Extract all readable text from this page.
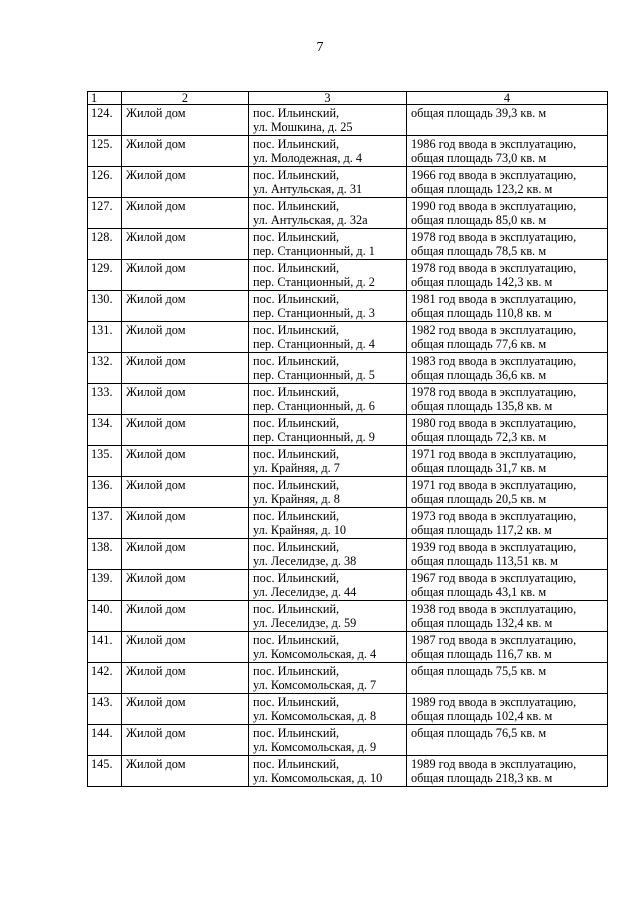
7
1	2	3	4

124.	Жилой дом	пос. Ильинский,
ул. Мошкина, д. 25	общая площадь 39,3 кв. м

125.	Жилой дом	пос. Ильинский,
ул. Молодежная, д. 4	1986 год ввода в эксплуатацию,
общая площадь 73,0 кв. м

126.	Жилой дом	пос. Ильинский,
ул. Антульская, д. 31	1966 год ввода в эксплуатацию,
общая площадь 123,2 кв. м

127.	Жилой дом	пос. Ильинский,
ул. Антульская, д. 32а	1990 год ввода в эксплуатацию,
общая площадь 85,0 кв. м

128.	Жилой дом	пос. Ильинский,
пер. Станционный, д. 1	1978 год ввода в эксплуатацию,
общая площадь 78,5 кв. м

129.	Жилой дом	пос. Ильинский,
пер. Станционный, д. 2	1978 год ввода в эксплуатацию,
общая площадь 142,3 кв. м

130.	Жилой дом	пос. Ильинский,
пер. Станционный, д. 3	1981 год ввода в эксплуатацию,
общая площадь 110,8 кв. м

131.	Жилой дом	пос. Ильинский,
пер. Станционный, д. 4	1982 год ввода в эксплуатацию,
общая площадь 77,6 кв. м

132.	Жилой дом	пос. Ильинский,
пер. Станционный, д. 5	1983 год ввода в эксплуатацию,
общая площадь 36,6 кв. м

133.	Жилой дом	пос. Ильинский,
пер. Станционный, д. 6	1978 год ввода в эксплуатацию,
общая площадь 135,8 кв. м

134.	Жилой дом	пос. Ильинский,
пер. Станционный, д. 9	1980 год ввода в эксплуатацию,
общая площадь 72,3 кв. м

135.	Жилой дом	пос. Ильинский,
ул. Крайняя, д. 7	1971 год ввода в эксплуатацию,
общая площадь 31,7 кв. м

136.	Жилой дом	пос. Ильинский,
ул. Крайняя, д. 8	1971 год ввода в эксплуатацию,
общая площадь 20,5 кв. м

137.	Жилой дом	пос. Ильинский,
ул. Крайняя, д. 10	1973 год ввода в эксплуатацию,
общая площадь 117,2 кв. м

138.	Жилой дом	пос. Ильинский,
ул. Леселидзе, д. 38	1939 год ввода в эксплуатацию,
общая площадь 113,51 кв. м

139.	Жилой дом	пос. Ильинский,
ул. Леселидзе, д. 44	1967 год ввода в эксплуатацию,
общая площадь 43,1 кв. м

140.	Жилой дом	пос. Ильинский,
ул. Леселидзе, д. 59	1938 год ввода в эксплуатацию,
общая площадь 132,4 кв. м

141.	Жилой дом	пос. Ильинский,
ул. Комсомольская, д. 4	1987 год ввода в эксплуатацию,
общая площадь 116,7 кв. м

142.	Жилой дом	пос. Ильинский,
ул. Комсомольская, д. 7	общая площадь 75,5 кв. м

143.	Жилой дом	пос. Ильинский,
ул. Комсомольская, д. 8	1989 год ввода в эксплуатацию,
общая площадь 102,4 кв. м

144.	Жилой дом	пос. Ильинский,
ул. Комсомольская, д. 9	общая площадь 76,5 кв. м

145.	Жилой дом	пос. Ильинский,
ул. Комсомольская, д. 10	1989 год ввода в эксплуатацию,
общая площадь 218,3 кв. м
